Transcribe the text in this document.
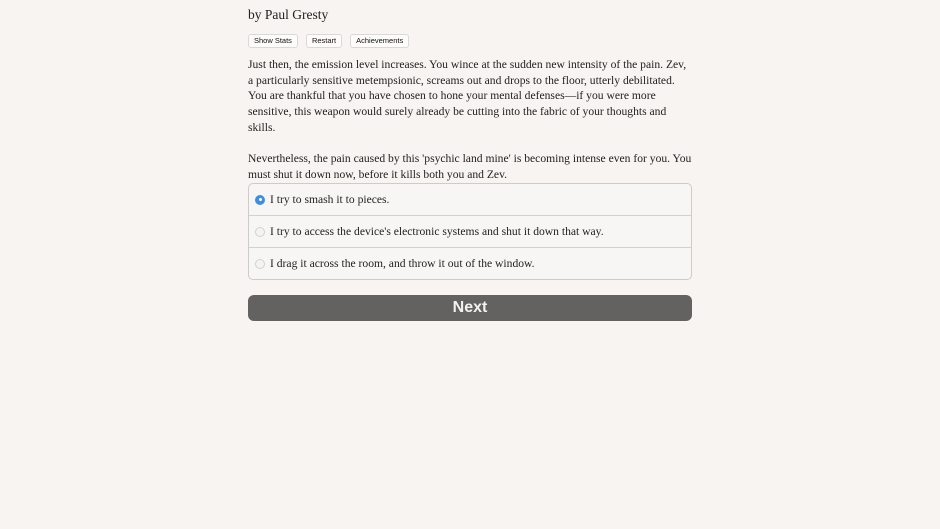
by Paul Gresty
Show Stats	Restart	Achievements

Just then, the emission level increases. You wince at the sudden new intensity of the pain. Zev, a particularly sensitive metempsionic, screams out and drops to the floor, utterly debilitated. You are thankful that you have chosen to hone your mental defenses—if you were more sensitive, this weapon would surely already be cutting into the fabric of your thoughts and skills.

Nevertheless, the pain caused by this 'psychic land mine' is becoming intense even for you. You must shut it down now, before it kills both you and Zev.

I try to smash it to pieces.
I try to access the device's electronic systems and shut it down that way.
I drag it across the room, and throw it out of the window.
Next
